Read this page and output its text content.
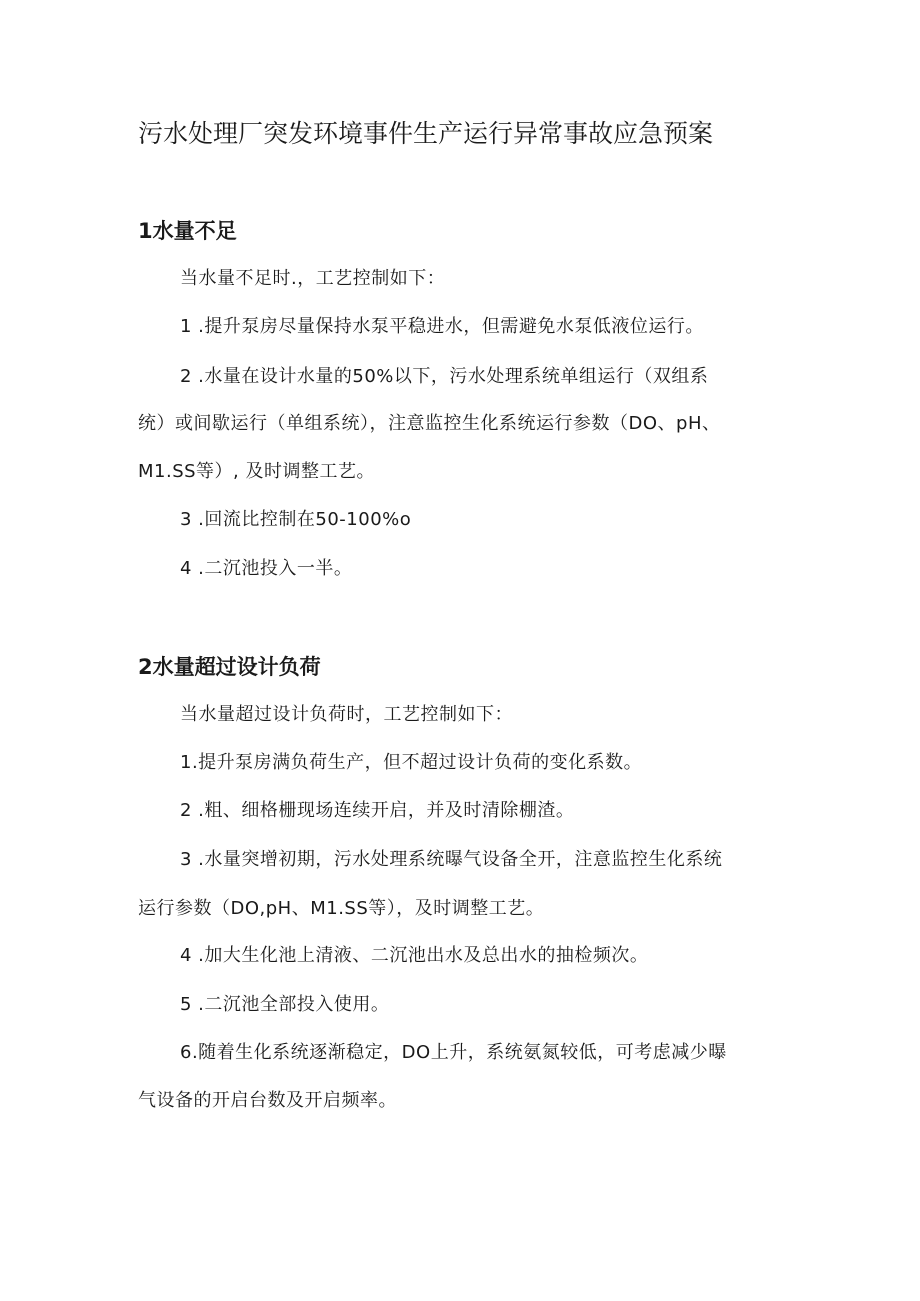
污水处理厂突发环境事件生产运行异常事故应急预案
1水量不足
当水量不足时.，工艺控制如下：
1 .提升泵房尽量保持水泵平稳进水，但需避免水泵低液位运行。
2 .水量在设计水量的50%以下，污水处理系统单组运行（双组系
统）或间歇运行（单组系统），注意监控生化系统运行参数（DO、pH、
M1.SS等）, 及时调整工艺。
3 .回流比控制在50-100%o
4 .二沉池投入一半。
2水量超过设计负荷
当水量超过设计负荷时，工艺控制如下：
1.提升泵房满负荷生产，但不超过设计负荷的变化系数。
2 .粗、细格栅现场连续开启，并及时清除棚渣。
3 .水量突增初期，污水处理系统曝气设备全开，注意监控生化系统
运行参数（DO,pH、M1.SS等），及时调整工艺。
4 .加大生化池上清液、二沉池出水及总出水的抽检频次。
5 .二沉池全部投入使用。
6.随着生化系统逐渐稳定，DO上升，系统氨氮较低，可考虑减少曝
气设备的开启台数及开启频率。
